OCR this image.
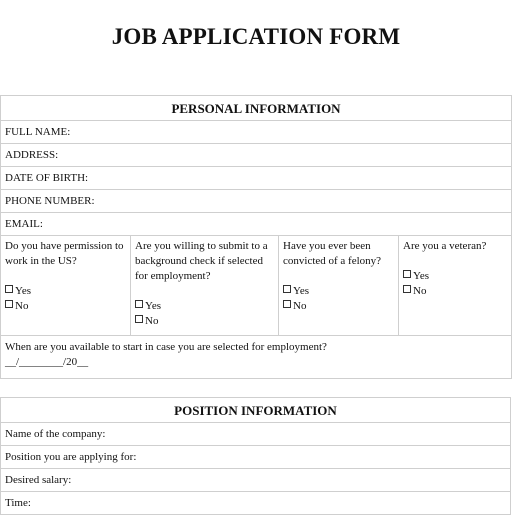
JOB APPLICATION FORM
PERSONAL INFORMATION
FULL NAME:
ADDRESS:
DATE OF BIRTH:
PHONE NUMBER:
EMAIL:

Do you have permission to work in the US?
Yes
No

Are you willing to submit to a background check if selected for employment?
Yes
No

Have you ever been convicted of a felony?
Yes
No

Are you a veteran?
Yes
No

When are you available to start in case you are selected for employment?
__/________/20__
POSITION INFORMATION
Name of the company:
Position you are applying for:
Desired salary:
Time:
